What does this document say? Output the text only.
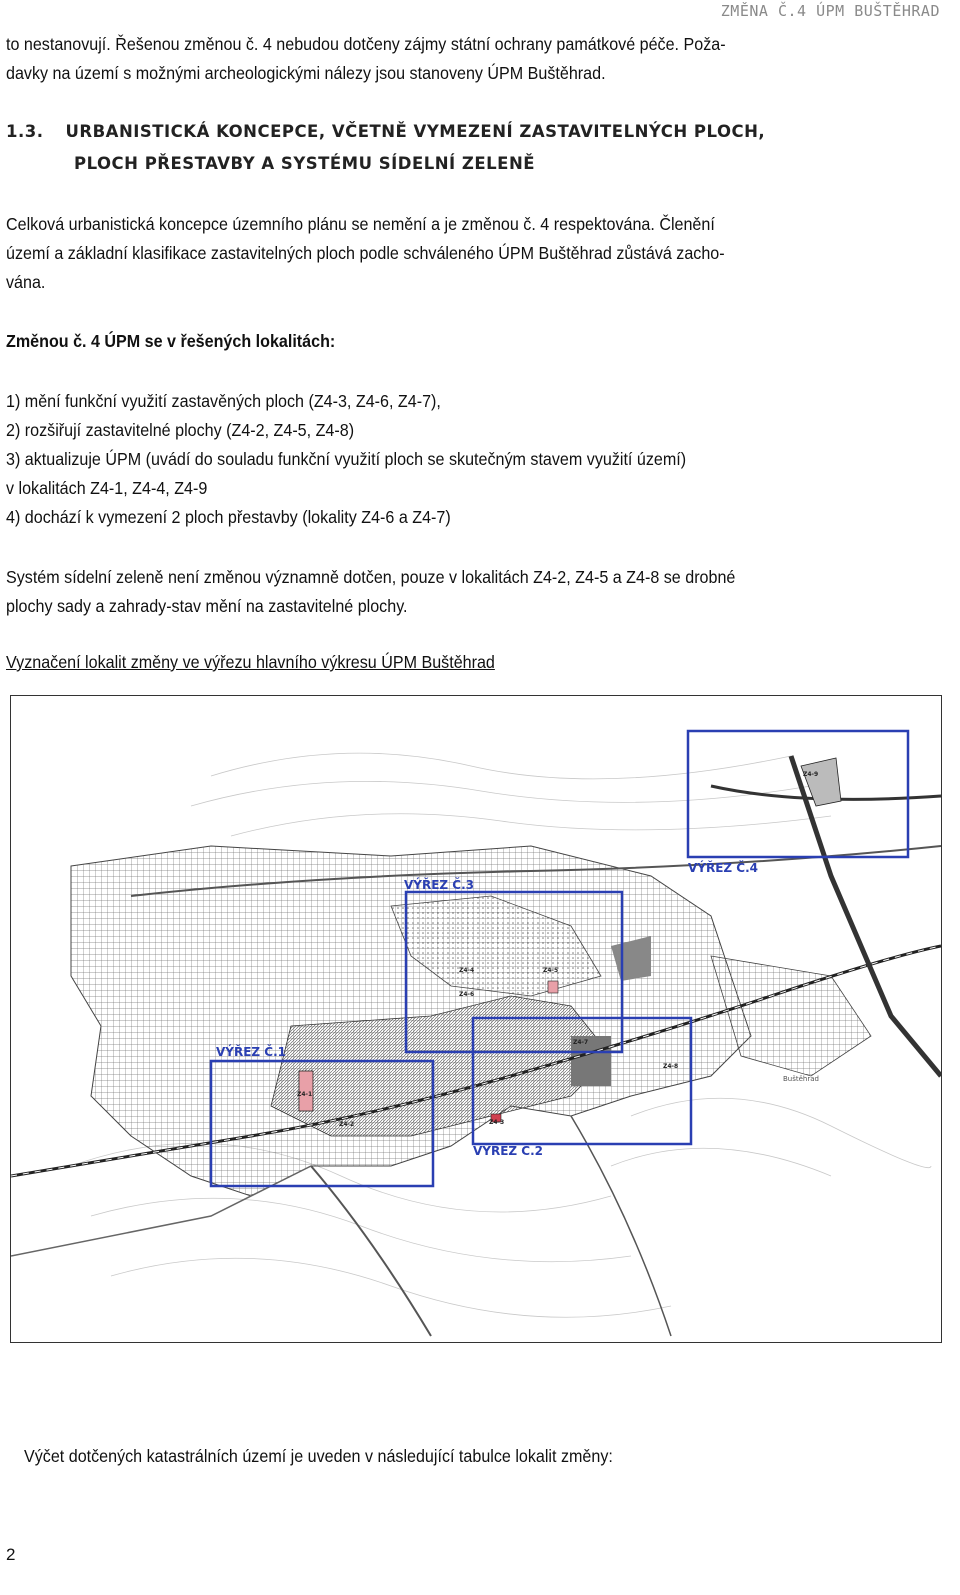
ZMĚNA Č.4 ÚPM BUŠTĚHRAD

to nestanovují. Řešenou změnou č. 4 nebudou dotčeny zájmy státní ochrany památkové péče. Poža-
davky na území s možnými archeologickými nálezy jsou stanoveny ÚPM Buštěhrad.

1.3. URBANISTICKÁ KONCEPCE, VČETNĚ VYMEZENÍ ZASTAVITELNÝCH PLOCH,
PLOCH PŘESTAVBY A SYSTÉMU SÍDELNÍ ZELENĚ

Celková urbanistická koncepce územního plánu se nemění a je změnou č. 4 respektována. Členění
území a základní klasifikace zastavitelných ploch podle schváleného ÚPM Buštěhrad zůstává zacho-
vána.

Změnou č. 4 ÚPM se v řešených lokalitách:

1) mění funkční využití zastavěných ploch (Z4-3, Z4-6, Z4-7),
2) rozšiřují zastavitelné plochy (Z4-2, Z4-5, Z4-8)
3) aktualizuje ÚPM (uvádí do souladu funkční využití ploch se skutečným stavem využití území)
v lokalitách Z4-1, Z4-4, Z4-9
4) dochází k vymezení 2 ploch přestavby (lokality Z4-6 a Z4-7)

Systém sídelní zeleně není změnou významně dotčen, pouze v lokalitách Z4-2, Z4-5 a Z4-8 se drobné
plochy sady a zahrady-stav mění na zastavitelné plochy.

Vyznačení lokalit změny ve výřezu hlavního výkresu ÚPM Buštěhrad

Z4-1
Z4-2	Z4-3
Z4-4	Z4-5
Z4-6
Z4-7
Z4-8
Z4-9
Buštěhrad
VÝŘEZ Č.1
VÝŘEZ Č.2
VÝŘEZ Č.3
VÝŘEZ Č.4
Výčet dotčených katastrálních území je uveden v následující tabulce lokalit změny:
2
